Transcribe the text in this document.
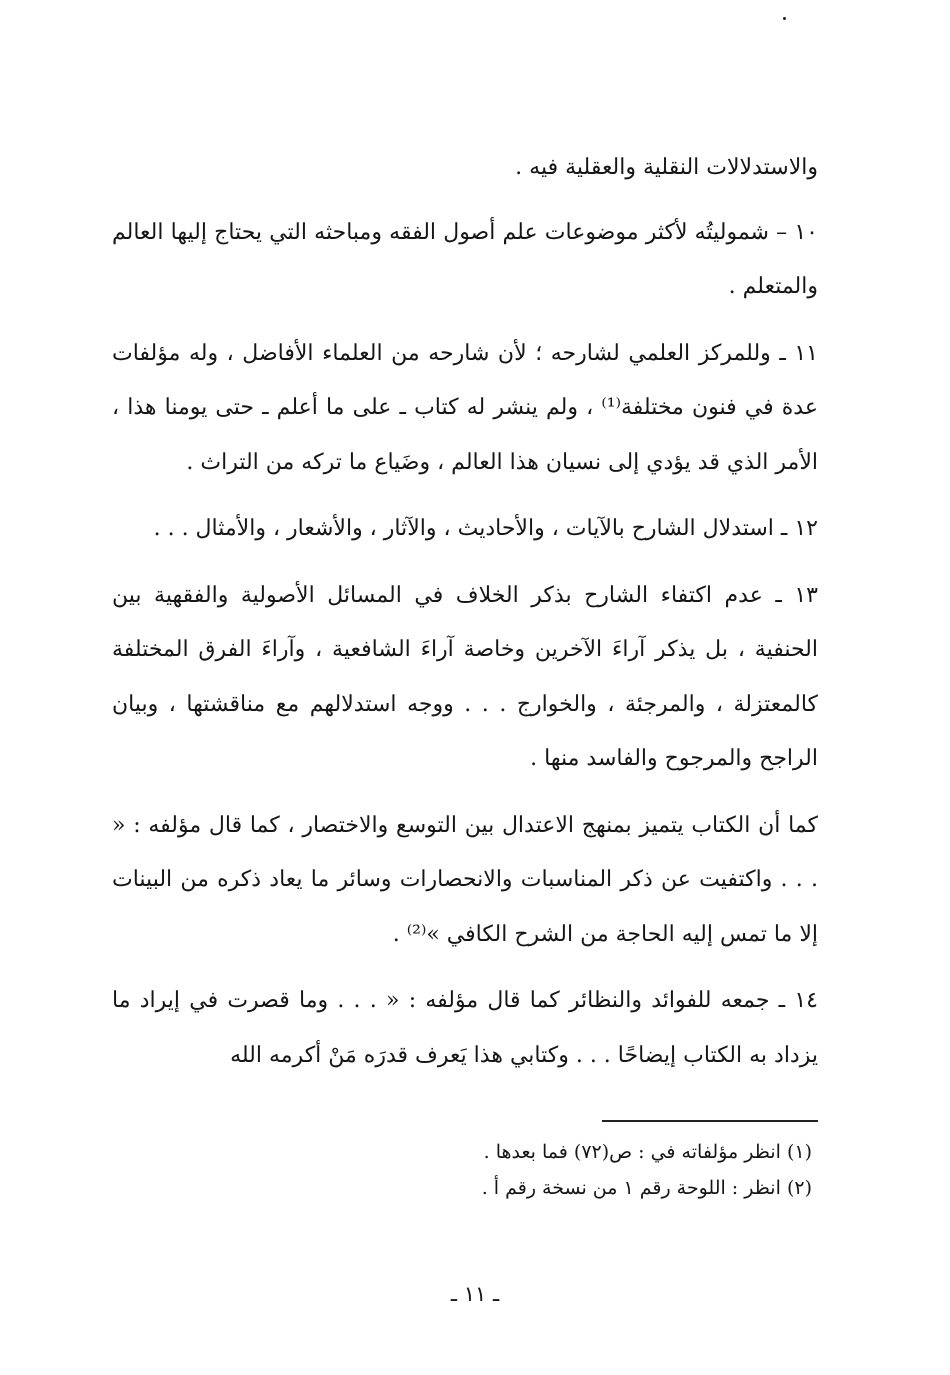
والاستدلالات النقلية والعقلية فيه .

١٠ – شموليتُه لأكثر موضوعات علم أصول الفقه ومباحثه التي يحتاج إليها العالم والمتعلم .

١١ ـ وللمركز العلمي لشارحه ؛ لأن شارحه من العلماء الأفاضل ، وله مؤلفات عدة في فنون مختلفة⁽¹⁾ ، ولم ينشر له كتاب ـ على ما أعلم ـ حتى يومنا هذا ، الأمر الذي قد يؤدي إلى نسيان هذا العالم ، وضَياع ما تركه من التراث .

١٢ ـ استدلال الشارح بالآيات ، والأحاديث ، والآثار ، والأشعار ، والأمثال . . .

١٣ ـ عدم اكتفاء الشارح بذكر الخلاف في المسائل الأصولية والفقهية بين الحنفية ، بل يذكر آراءَ الآخرين وخاصة آراءَ الشافعية ، وآراءَ الفرق المختلفة كالمعتزلة ، والمرجئة ، والخوارج . . . ووجه استدلالهم مع مناقشتها ، وبيان الراجح والمرجوح والفاسد منها .

كما أن الكتاب يتميز بمنهج الاعتدال بين التوسع والاختصار ، كما قال مؤلفه : « . . . واكتفيت عن ذكر المناسبات والانحصارات وسائر ما يعاد ذكره من البينات إلا ما تمس إليه الحاجة من الشرح الكافي »⁽²⁾ .

١٤ ـ جمعه للفوائد والنظائر كما قال مؤلفه : « . . . وما قصرت في إيراد ما يزداد به الكتاب إيضاحًا . . . وكتابي هذا يَعرف قدرَه مَنْ أكرمه الله

(١) انظر مؤلفاته في : ص(٧٢) فما بعدها .

(٢) انظر : اللوحة رقم ١ من نسخة رقم أ .

ـ ١١ ـ
